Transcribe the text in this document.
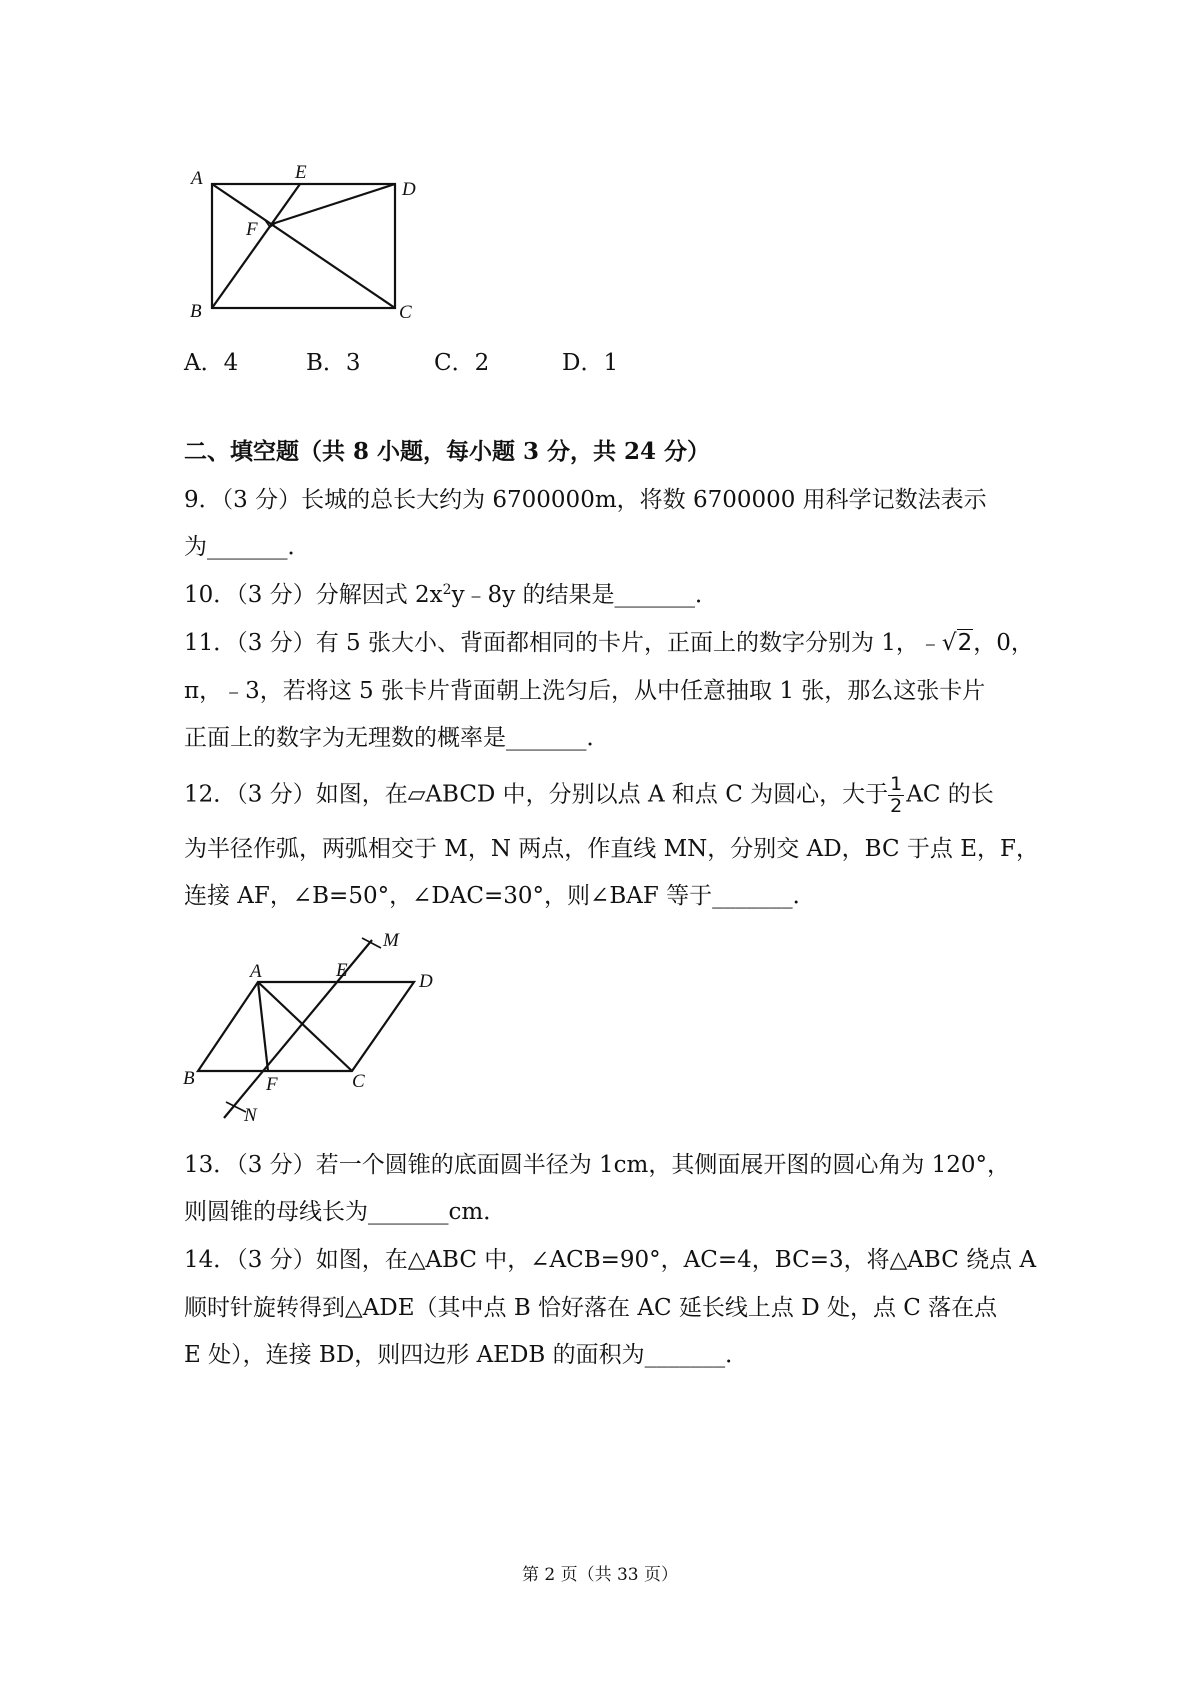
A	E
D
F
B	C
A．4	B．3	C．2	D．1
二、填空题（共 8 小题，每小题 3 分，共 24 分）
9．（3 分）长城的总长大约为 6700000m，将数 6700000 用科学记数法表示
为_______．
10．（3 分）分解因式 $2x^2y﹣8y$ 的结果是_______．
11．（3 分）有 5 张大小、背面都相同的卡片，正面上的数字分别为 1，﹣√2，0，
π，﹣3，若将这 5 张卡片背面朝上洗匀后，从中任意抽取 1 张，那么这张卡片
正面上的数字为无理数的概率是_______．
12．（3 分）如图，在▱ABCD 中，分别以点 A 和点 C 为圆心，大于 $\frac{1}{2}$ AC 的长
为半径作弧，两弧相交于 M，N 两点，作直线 MN，分别交 AD，BC 于点 E，F，
连接 AF，∠B=50°，∠DAC=30°，则∠BAF 等于_______．
A	E
M
D
B	F	C
N
13．（3 分）若一个圆锥的底面圆半径为 1cm，其侧面展开图的圆心角为 120°，
则圆锥的母线长为_______cm．
14．（3 分）如图，在△ABC 中，∠ACB=90°，AC=4，BC=3，将△ABC 绕点 A
顺时针旋转得到△ADE（其中点 B 恰好落在 AC 延长线上点 D 处，点 C 落在点
E 处），连接 BD，则四边形 AEDB 的面积为_______．
第 2 页（共 33 页）
